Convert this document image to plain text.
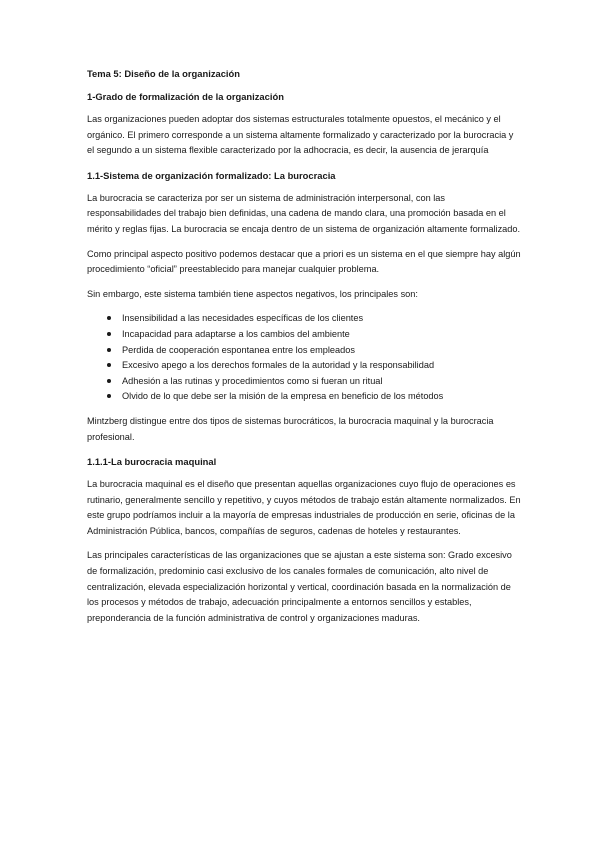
Tema 5: Diseño de la organización
1-Grado de formalización de la organización

Las organizaciones pueden adoptar dos sistemas estructurales totalmente opuestos, el mecánico y el orgánico. El primero corresponde a un sistema altamente formalizado y caracterizado por la burocracia y el segundo a un sistema flexible caracterizado por la adhocracia, es decir, la ausencia de jerarquía

1.1-Sistema de organización formalizado: La burocracia

La burocracia se caracteriza por ser un sistema de administración interpersonal, con las responsabilidades del trabajo bien definidas, una cadena de mando clara, una promoción basada en el mérito y reglas fijas. La burocracia se encaja dentro de un sistema de organización altamente formalizado.

Como principal aspecto positivo podemos destacar que a priori es un sistema en el que siempre hay algún procedimiento “oficial” preestablecido para manejar cualquier problema.

Sin embargo, este sistema también tiene aspectos negativos, los principales son:

Insensibilidad a las necesidades específicas de los clientes
Incapacidad para adaptarse a los cambios del ambiente
Perdida de cooperación espontanea entre los empleados
Excesivo apego a los derechos formales de la autoridad y la responsabilidad
Adhesión a las rutinas y procedimientos como si fueran un ritual
Olvido de lo que debe ser la misión de la empresa en beneficio de los métodos

Mintzberg distingue entre dos tipos de sistemas burocráticos, la burocracia maquinal y la burocracia profesional.

1.1.1-La burocracia maquinal

La burocracia maquinal es el diseño que presentan aquellas organizaciones cuyo flujo de operaciones es rutinario, generalmente sencillo y repetitivo, y cuyos métodos de trabajo están altamente normalizados. En este grupo podríamos incluir a la mayoría de empresas industriales de producción en serie, oficinas de la Administración Pública, bancos, compañías de seguros, cadenas de hoteles y restaurantes.

Las principales características de las organizaciones que se ajustan a este sistema son: Grado excesivo de formalización, predominio casi exclusivo de los canales formales de comunicación, alto nivel de centralización, elevada especialización horizontal y vertical, coordinación basada en la normalización de los procesos y métodos de trabajo, adecuación principalmente a entornos sencillos y estables, preponderancia de la función administrativa de control y organizaciones maduras.
